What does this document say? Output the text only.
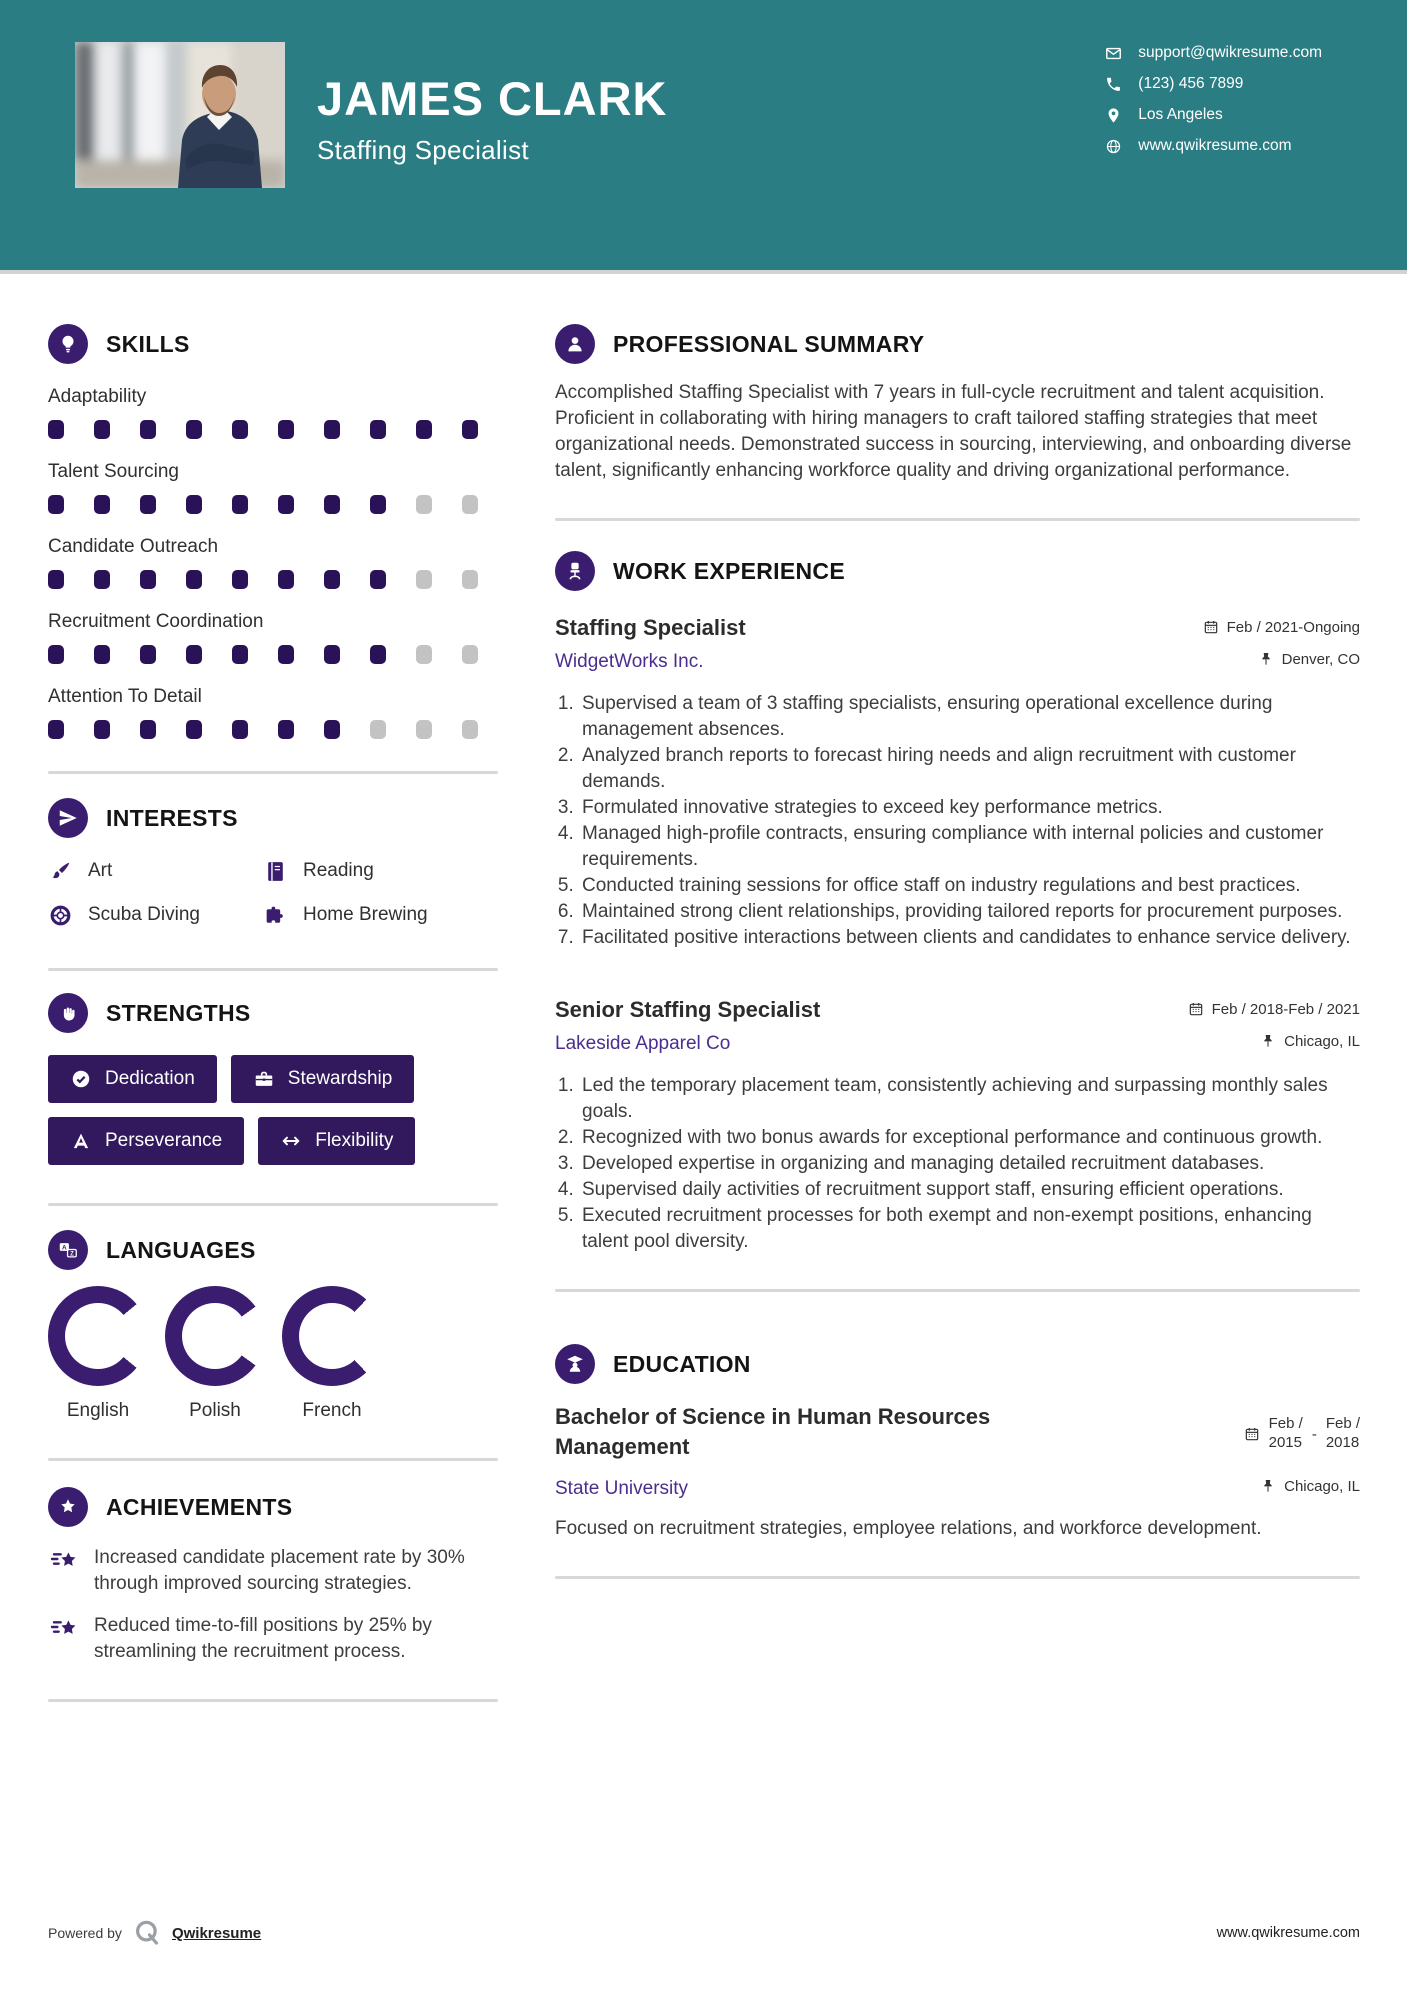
JAMES CLARK
Staffing Specialist
support@qwikresume.com
(123) 456 7899
Los Angeles
www.qwikresume.com
SKILLS
Adaptability
Talent Sourcing
Candidate Outreach
Recruitment Coordination
Attention To Detail
INTERESTS
Art	Reading
Scuba Diving	Home Brewing
STRENGTHS
Dedication	Stewardship
Perseverance	Flexibility
A
Z LANGUAGES
English	Polish	French
ACHIEVEMENTS
Increased candidate placement rate by 30% through improved sourcing strategies.
Reduced time-to-fill positions by 25% by streamlining the recruitment process.
PROFESSIONAL SUMMARY
Accomplished Staffing Specialist with 7 years in full-cycle recruitment and talent acquisition. Proficient in collaborating with hiring managers to craft tailored staffing strategies that meet organizational needs. Demonstrated success in sourcing, interviewing, and onboarding diverse talent, significantly enhancing workforce quality and driving organizational performance.
WORK EXPERIENCE
Staffing Specialist	Feb / 2021-Ongoing
WidgetWorks Inc.	Denver, CO
1. Supervised a team of 3 staffing specialists, ensuring operational excellence during management absences.
2. Analyzed branch reports to forecast hiring needs and align recruitment with customer demands.
3. Formulated innovative strategies to exceed key performance metrics.
4. Managed high-profile contracts, ensuring compliance with internal policies and customer requirements.
5. Conducted training sessions for office staff on industry regulations and best practices.
6. Maintained strong client relationships, providing tailored reports for procurement purposes.
7. Facilitated positive interactions between clients and candidates to enhance service delivery.
Senior Staffing Specialist	Feb / 2018-Feb / 2021
Lakeside Apparel Co	Chicago, IL
1. Led the temporary placement team, consistently achieving and surpassing monthly sales goals.
2. Recognized with two bonus awards for exceptional performance and continuous growth.
3. Developed expertise in organizing and managing detailed recruitment databases.
4. Supervised daily activities of recruitment support staff, ensuring efficient operations.
5. Executed recruitment processes for both exempt and non-exempt positions, enhancing talent pool diversity.
EDUCATION
Bachelor of Science in Human Resources Management
Feb /
2015 -
Feb /
2018
State University	Chicago, IL
Focused on recruitment strategies, employee relations, and workforce development.
Powered by	Qwikresume	www.qwikresume.com
